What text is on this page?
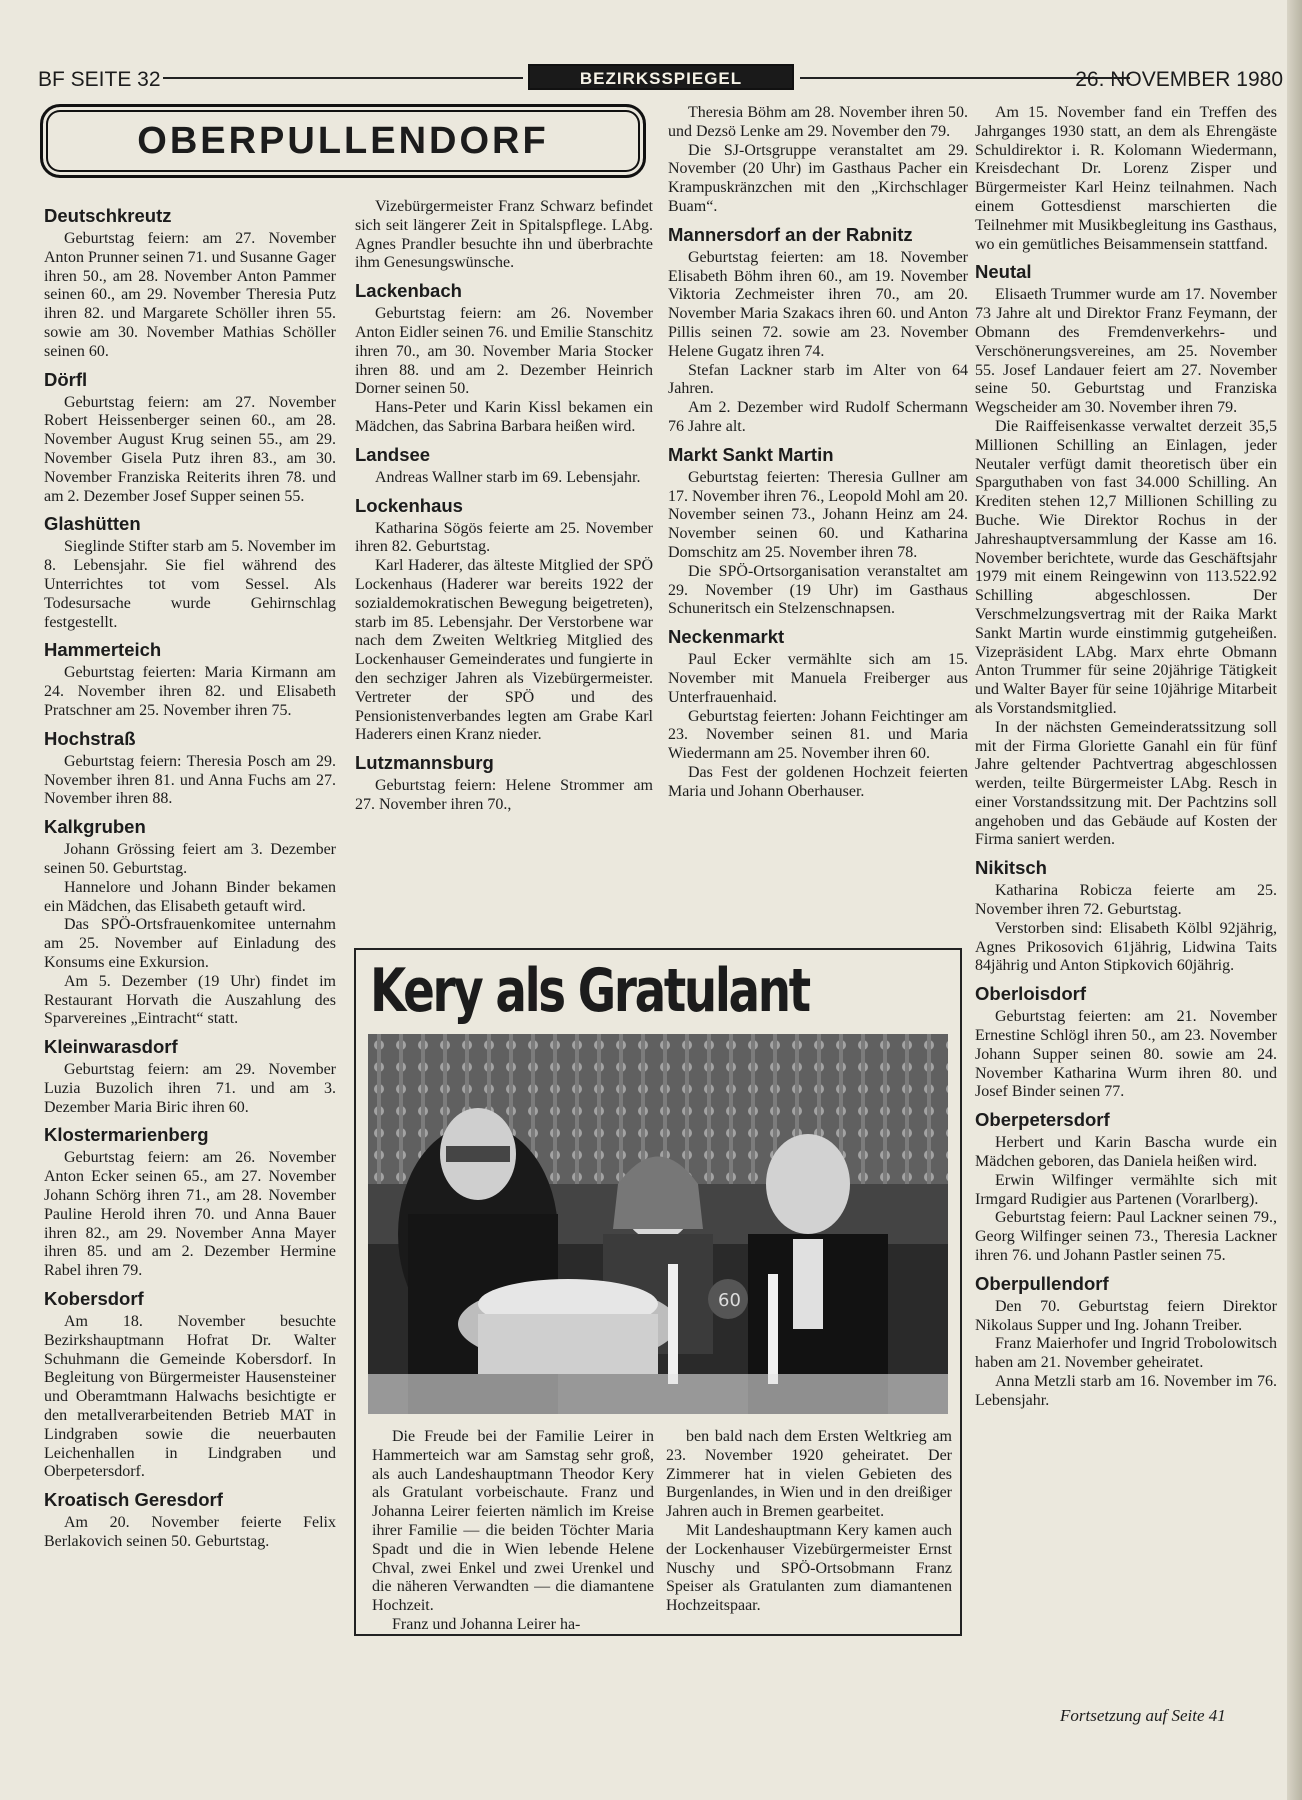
BF SEITE 32	BEZIRKSSPIEGEL	26. NOVEMBER 1980
OBERPULLENDORF
Deutschkreutz

Geburtstag feiern: am 27. November Anton Prunner seinen 71. und Susanne Gager ihren 50., am 28. November Anton Pammer seinen 60., am 29. November Theresia Putz ihren 82. und Margarete Schöller ihren 55. sowie am 30. November Mathias Schöller seinen 60.

Dörfl

Geburtstag feiern: am 27. November Robert Heissenberger seinen 60., am 28. November August Krug seinen 55., am 29. November Gisela Putz ihren 83., am 30. November Franziska Reiterits ihren 78. und am 2. Dezember Josef Supper seinen 55.

Glashütten

Sieglinde Stifter starb am 5. November im 8. Lebensjahr. Sie fiel während des Unterrichtes tot vom Sessel. Als Todesursache wurde Gehirnschlag festgestellt.

Hammerteich

Geburtstag feierten: Maria Kirmann am 24. November ihren 82. und Elisabeth Pratschner am 25. November ihren 75.

Hochstraß

Geburtstag feiern: Theresia Posch am 29. November ihren 81. und Anna Fuchs am 27. November ihren 88.

Kalkgruben

Johann Grössing feiert am 3. Dezember seinen 50. Geburtstag.

Hannelore und Johann Binder bekamen ein Mädchen, das Elisabeth getauft wird.

Das SPÖ-Ortsfrauenkomitee unternahm am 25. November auf Einladung des Konsums eine Exkursion.

Am 5. Dezember (19 Uhr) findet im Restaurant Horvath die Auszahlung des Sparvereines „Eintracht“ statt.

Kleinwarasdorf

Geburtstag feiern: am 29. November Luzia Buzolich ihren 71. und am 3. Dezember Maria Biric ihren 60.

Klostermarienberg

Geburtstag feiern: am 26. November Anton Ecker seinen 65., am 27. November Johann Schörg ihren 71., am 28. November Pauline Herold ihren 70. und Anna Bauer ihren 82., am 29. November Anna Mayer ihren 85. und am 2. Dezember Hermine Rabel ihren 79.

Kobersdorf

Am 18. November besuchte Bezirkshauptmann Hofrat Dr. Walter Schuhmann die Gemeinde Kobersdorf. In Begleitung von Bürgermeister Hausensteiner und Oberamtmann Halwachs besichtigte er den metallverarbeitenden Betrieb MAT in Lindgraben sowie die neuerbauten Leichenhallen in Lindgraben und Oberpetersdorf.

Kroatisch Geresdorf

Am 20. November feierte Felix Berlakovich seinen 50. Geburtstag.

Vizebürgermeister Franz Schwarz befindet sich seit längerer Zeit in Spitalspflege. LAbg. Agnes Prandler besuchte ihn und überbrachte ihm Genesungswünsche.

Lackenbach

Geburtstag feiern: am 26. November Anton Eidler seinen 76. und Emilie Stanschitz ihren 70., am 30. November Maria Stocker ihren 88. und am 2. Dezember Heinrich Dorner seinen 50.

Hans-Peter und Karin Kissl bekamen ein Mädchen, das Sabrina Barbara heißen wird.

Landsee

Andreas Wallner starb im 69. Lebensjahr.

Lockenhaus

Katharina Sögös feierte am 25. November ihren 82. Geburtstag.

Karl Haderer, das älteste Mitglied der SPÖ Lockenhaus (Haderer war bereits 1922 der sozialdemokratischen Bewegung beigetreten), starb im 85. Lebensjahr. Der Verstorbene war nach dem Zweiten Weltkrieg Mitglied des Lockenhauser Gemeinderates und fungierte in den sechziger Jahren als Vizebürgermeister. Vertreter der SPÖ und des Pensionistenverbandes legten am Grabe Karl Haderers einen Kranz nieder.

Lutzmannsburg

Geburtstag feiern: Helene Strommer am 27. November ihren 70.,

Theresia Böhm am 28. November ihren 50. und Dezsö Lenke am 29. November den 79.

Die SJ-Ortsgruppe veranstaltet am 29. November (20 Uhr) im Gasthaus Pacher ein Krampuskränzchen mit den „Kirchschlager Buam“.

Mannersdorf an der Rabnitz

Geburtstag feierten: am 18. November Elisabeth Böhm ihren 60., am 19. November Viktoria Zechmeister ihren 70., am 20. November Maria Szakacs ihren 60. und Anton Pillis seinen 72. sowie am 23. November Helene Gugatz ihren 74.

Stefan Lackner starb im Alter von 64 Jahren.

Am 2. Dezember wird Rudolf Schermann 76 Jahre alt.

Markt Sankt Martin

Geburtstag feierten: Theresia Gullner am 17. November ihren 76., Leopold Mohl am 20. November seinen 73., Johann Heinz am 24. November seinen 60. und Katharina Domschitz am 25. November ihren 78.

Die SPÖ-Ortsorganisation veranstaltet am 29. November (19 Uhr) im Gasthaus Schuneritsch ein Stelzenschnapsen.

Neckenmarkt

Paul Ecker vermählte sich am 15. November mit Manuela Freiberger aus Unterfrauenhaid.

Geburtstag feierten: Johann Feichtinger am 23. November seinen 81. und Maria Wiedermann am 25. November ihren 60.

Das Fest der goldenen Hochzeit feierten Maria und Johann Oberhauser.

Am 15. November fand ein Treffen des Jahrganges 1930 statt, an dem als Ehrengäste Schuldirektor i. R. Kolomann Wiedermann, Kreisdechant Dr. Lorenz Zisper und Bürgermeister Karl Heinz teilnahmen. Nach einem Gottesdienst marschierten die Teilnehmer mit Musikbegleitung ins Gasthaus, wo ein gemütliches Beisammensein stattfand.

Neutal

Elisaeth Trummer wurde am 17. November 73 Jahre alt und Direktor Franz Feymann, der Obmann des Fremdenverkehrs- und Verschönerungsvereines, am 25. November 55. Josef Landauer feiert am 27. November seine 50. Geburtstag und Franziska Wegscheider am 30. November ihren 79.

Die Raiffeisenkasse verwaltet derzeit 35,5 Millionen Schilling an Einlagen, jeder Neutaler verfügt damit theoretisch über ein Sparguthaben von fast 34.000 Schilling. An Krediten stehen 12,7 Millionen Schilling zu Buche. Wie Direktor Rochus in der Jahreshauptversammlung der Kasse am 16. November berichtete, wurde das Geschäftsjahr 1979 mit einem Reingewinn von 113.522.92 Schilling abgeschlossen. Der Verschmelzungsvertrag mit der Raika Markt Sankt Martin wurde einstimmig gutgeheißen. Vizepräsident LAbg. Marx ehrte Obmann Anton Trummer für seine 20jährige Tätigkeit und Walter Bayer für seine 10jährige Mitarbeit als Vorstandsmitglied.

In der nächsten Gemeinderatssitzung soll mit der Firma Gloriette Ganahl ein für fünf Jahre geltender Pachtvertrag abgeschlossen werden, teilte Bürgermeister LAbg. Resch in einer Vorstandssitzung mit. Der Pachtzins soll angehoben und das Gebäude auf Kosten der Firma saniert werden.

Nikitsch

Katharina Robicza feierte am 25. November ihren 72. Geburtstag.

Verstorben sind: Elisabeth Kölbl 92jährig, Agnes Prikosovich 61jährig, Lidwina Taits 84jährig und Anton Stipkovich 60jährig.

Oberloisdorf

Geburtstag feierten: am 21. November Ernestine Schlögl ihren 50., am 23. November Johann Supper seinen 80. sowie am 24. November Katharina Wurm ihren 80. und Josef Binder seinen 77.

Oberpetersdorf

Herbert und Karin Bascha wurde ein Mädchen geboren, das Daniela heißen wird.

Erwin Wilfinger vermählte sich mit Irmgard Rudigier aus Partenen (Vorarlberg).

Geburtstag feiern: Paul Lackner seinen 79., Georg Wilfinger seinen 73., Theresia Lackner ihren 76. und Johann Pastler seinen 75.

Oberpullendorf

Den 70. Geburtstag feiern Direktor Nikolaus Supper und Ing. Johann Treiber.

Franz Maierhofer und Ingrid Trobolowitsch haben am 21. November geheiratet.

Anna Metzli starb am 16. November im 76. Lebensjahr.

Kery als Gratulant
60

Die Freude bei der Familie Leirer in Hammerteich war am Samstag sehr groß, als auch Landeshauptmann Theodor Kery als Gratulant vorbeischaute. Franz und Johanna Leirer feierten nämlich im Kreise ihrer Familie — die beiden Töchter Maria Spadt und die in Wien lebende Helene Chval, zwei Enkel und zwei Urenkel und die näheren Verwandten — die diamantene Hochzeit.

Franz und Johanna Leirer ha-

ben bald nach dem Ersten Weltkrieg am 23. November 1920 geheiratet. Der Zimmerer hat in vielen Gebieten des Burgenlandes, in Wien und in den dreißiger Jahren auch in Bremen gearbeitet.

Mit Landeshauptmann Kery kamen auch der Lockenhauser Vizebürgermeister Ernst Nuschy und SPÖ-Ortsobmann Franz Speiser als Gratulanten zum diamantenen Hochzeitspaar.

Fortsetzung auf Seite 41
